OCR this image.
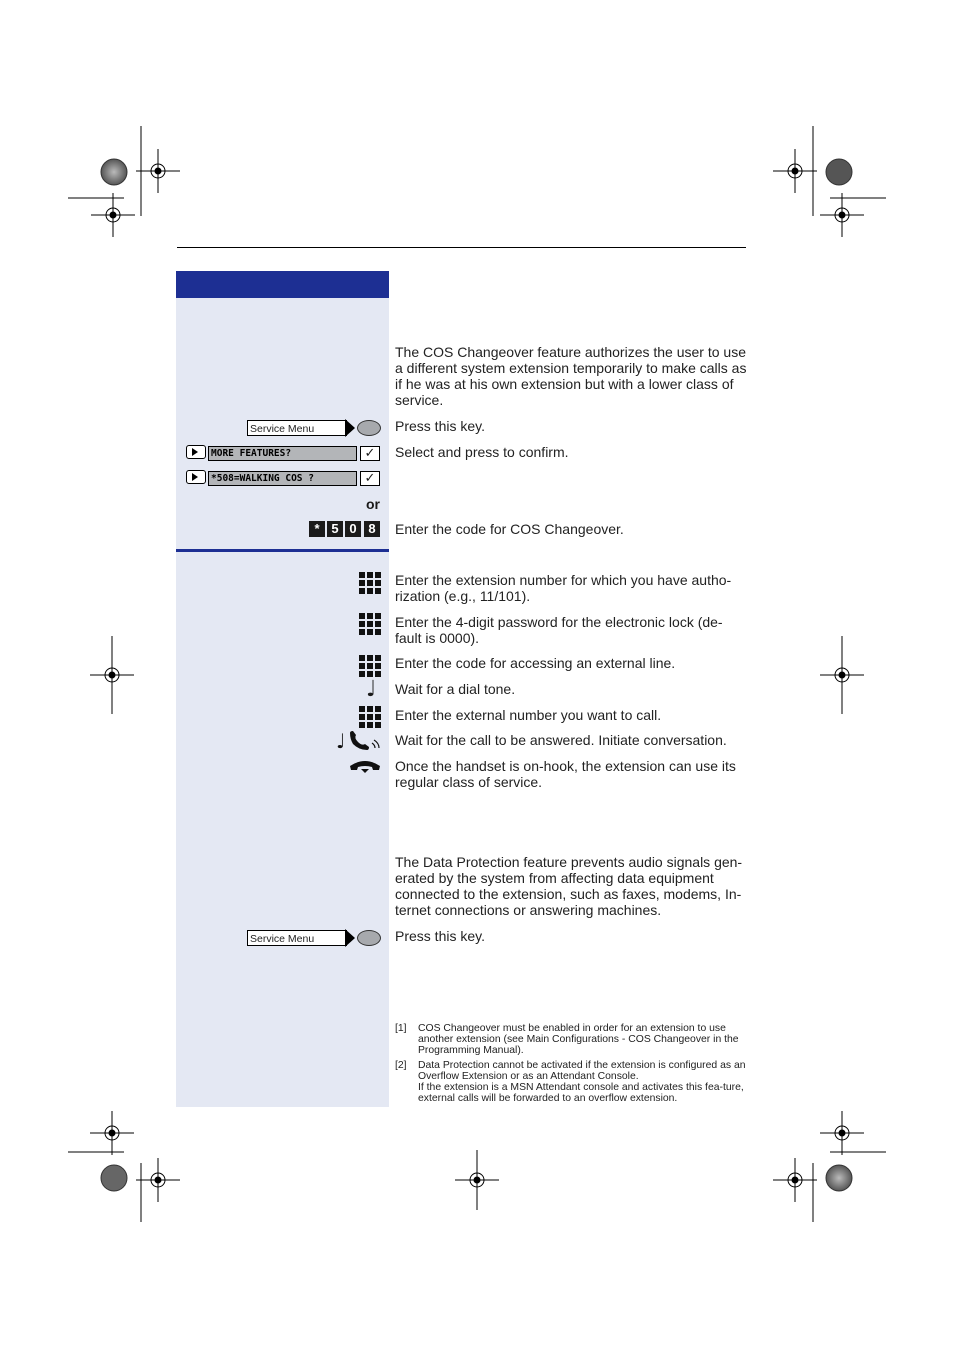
The COS Changeover feature authorizes the user to use a different system extension temporarily to make calls as if he was at his own extension but with a lower class of service.
Service Menu	Press this key.
MORE FEATURES?	✓	Select and press to confirm.
*508=WALKING COS ?	✓
or
* 5 0 8	Enter the code for COS Changeover.
Enter the extension number for which you have autho-rization (e.g., 11/101).
Enter the 4-digit password for the electronic lock (de-fault is 0000).
Enter the code for accessing an external line.
♩ Wait for a dial tone.
Enter the external number you want to call.
♩	Wait for the call to be answered. Initiate conversation.
Once the handset is on-hook, the extension can use its regular class of service.
The Data Protection feature prevents audio signals gen-erated by the system from affecting data equipment connected to the extension, such as faxes, modems, In-ternet connections or answering machines.
Service Menu	Press this key.
[1] COS Changeover must be enabled in order for an extension to use another extension (see Main Configurations - COS Changeover in the Programming Manual).
[2] Data Protection cannot be activated if the extension is configured as an Overflow Extension or as an Attendant Console.
If the extension is a MSN Attendant console and activates this fea-ture, external calls will be forwarded to an overflow extension.
